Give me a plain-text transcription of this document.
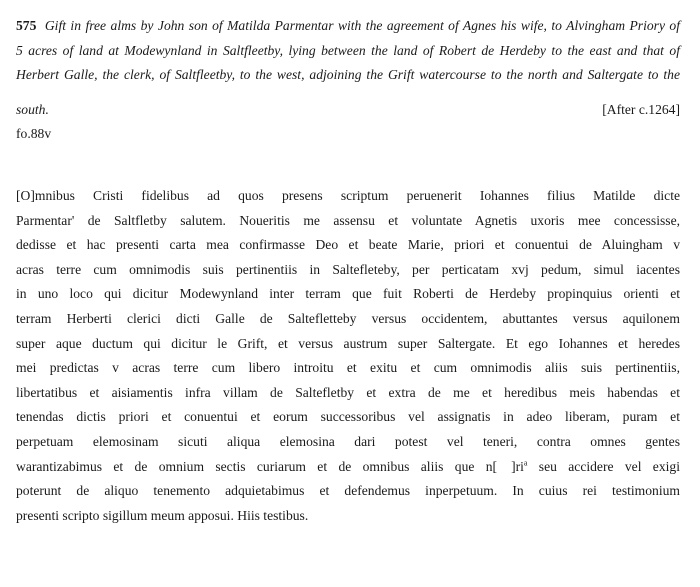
575 Gift in free alms by John son of Matilda Parmentar with the agreement of Agnes his wife, to Alvingham Priory of
5 acres of land at Modewynland in Saltfleetby, lying between the land of Robert de Herdeby to the east and that of
Herbert Galle, the clerk, of Saltfleetby, to the west, adjoining the Grift watercourse to the north and Saltergate to the
south.	[After c.1264]
fo.88v
[O]mnibus Cristi fidelibus ad quos presens scriptum peruenerit Iohannes filius Matilde dicte
Parmentar' de Saltfletby salutem. Noueritis me assensu et voluntate Agnetis uxoris mee concessisse,
dedisse et hac presenti carta mea confirmasse Deo et beate Marie, priori et conuentui de Aluingham v
acras terre cum omnimodis suis pertinentiis in Saltefleteby, per perticatam xvj pedum, simul iacentes
in uno loco qui dicitur Modewynland inter terram que fuit Roberti de Herdeby propinquius orienti et
terram Herberti clerici dicti Galle de Saltefletteby versus occidentem, abuttantes versus aquilonem
super aque ductum qui dicitur le Grift, et versus austrum super Saltergate. Et ego Iohannes et heredes
mei predictas v acras terre cum libero introitu et exitu et cum omnimodis aliis suis pertinentiis,
libertatibus et aisiamentis infra villam de Saltefletby et extra de me et heredibus meis habendas et
tenendas dictis priori et conuentui et eorum successoribus vel assignatis in adeo liberam, puram et
perpetuam elemosinam sicuti aliqua elemosina dari potest vel teneri, contra omnes gentes
warantizabimus et de omnium sectis curiarum et de omnibus aliis que n[ ]$ri^a$ seu accidere vel exigi
poterunt de aliquo tenemento adquietabimus et defendemus inperpetuum. In cuius rei testimonium
presenti scripto sigillum meum apposui. Hiis testibus.
